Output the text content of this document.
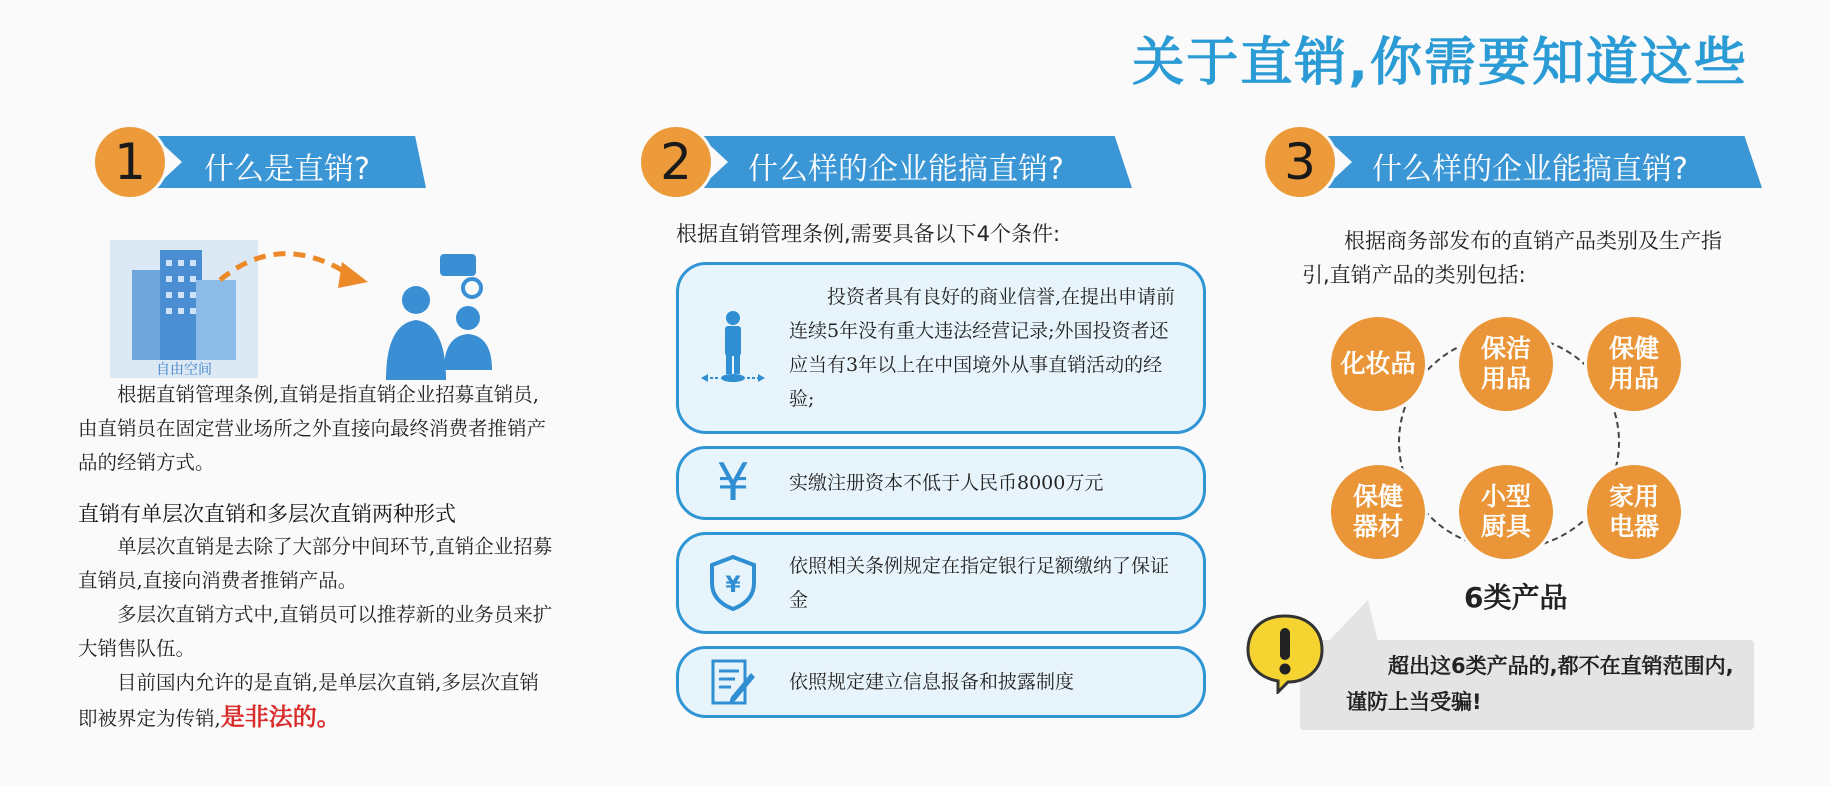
关于直销,你需要知道这些
1	什么是直销?	2	什么样的企业能搞直销?	3	什么样的企业能搞直销?
自由空间
根据直销管理条例,直销是指直销企业招募直销员,由直销员在固定营业场所之外直接向最终消费者推销产品的经销方式。
直销有单层次直销和多层次直销两种形式
单层次直销是去除了大部分中间环节,直销企业招募直销员,直接向消费者推销产品。
多层次直销方式中,直销员可以推荐新的业务员来扩大销售队伍。
目前国内允许的是直销,是单层次直销,多层次直销即被界定为传销,是非法的。
根据直销管理条例,需要具备以下4个条件:
投资者具有良好的商业信誉,在提出申请前连续5年没有重大违法经营记录;外国投资者还应当有3年以上在中国境外从事直销活动的经验;
¥	实缴注册资本不低于人民币8000万元
¥
依照相关条例规定在指定银行足额缴纳了保证金
依照规定建立信息报备和披露制度
根据商务部发布的直销产品类别及生产指引,直销产品的类别包括:
化妆品
保洁用品
保健用品
保健器材
小型厨具
家用电器
6类产品
超出这6类产品的,都不在直销范围内,谨防上当受骗!
